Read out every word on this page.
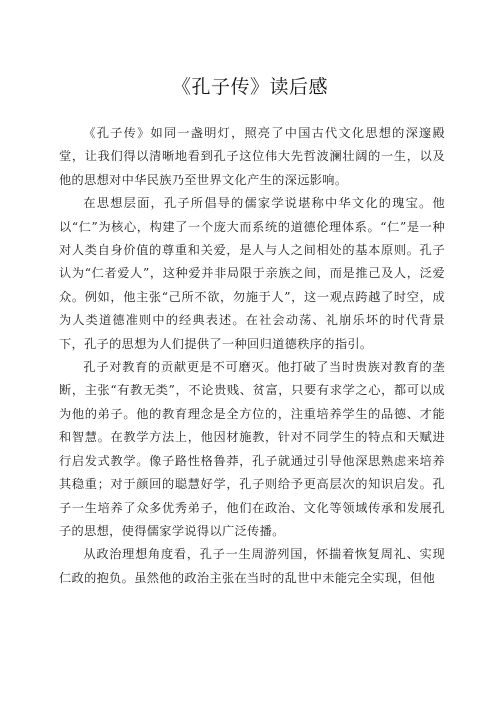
《孔子传》读后感

《孔子传》如同一盏明灯，照亮了中国古代文化思想的深邃殿堂，让我们得以清晰地看到孔子这位伟大先哲波澜壮阔的一生，以及他的思想对中华民族乃至世界文化产生的深远影响。

在思想层面，孔子所倡导的儒家学说堪称中华文化的瑰宝。他以“仁”为核心，构建了一个庞大而系统的道德伦理体系。“仁”是一种对人类自身价值的尊重和关爱，是人与人之间相处的基本原则。孔子认为“仁者爱人”，这种爱并非局限于亲族之间，而是推己及人，泛爱众。例如，他主张“己所不欲，勿施于人”，这一观点跨越了时空，成为人类道德准则中的经典表述。在社会动荡、礼崩乐坏的时代背景下，孔子的思想为人们提供了一种回归道德秩序的指引。

孔子对教育的贡献更是不可磨灭。他打破了当时贵族对教育的垄断，主张“有教无类”，不论贵贱、贫富，只要有求学之心，都可以成为他的弟子。他的教育理念是全方位的，注重培养学生的品德、才能和智慧。在教学方法上，他因材施教，针对不同学生的特点和天赋进行启发式教学。像子路性格鲁莽，孔子就通过引导他深思熟虑来培养其稳重；对于颜回的聪慧好学，孔子则给予更高层次的知识启发。孔子一生培养了众多优秀弟子，他们在政治、文化等领域传承和发展孔子的思想，使得儒家学说得以广泛传播。

从政治理想角度看，孔子一生周游列国，怀揣着恢复周礼、实现仁政的抱负。虽然他的政治主张在当时的乱世中未能完全实现，但他
